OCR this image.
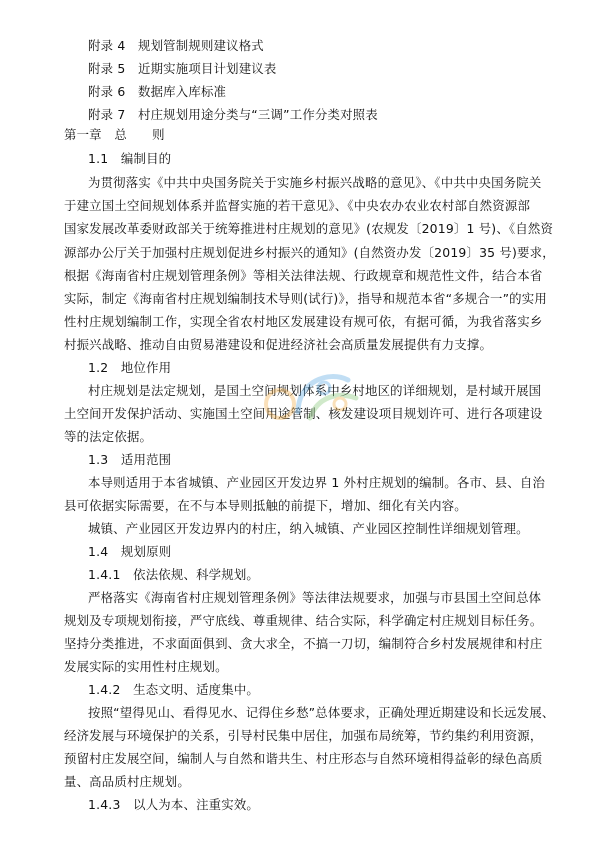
附录 4　规划管制规则建议格式
附录 5　近期实施项目计划建议表
附录 6　数据库入库标准
附录 7　村庄规划用途分类与“三调”工作分类对照表
第一章　总　　则
1.1　编制目的
为贯彻落实《中共中央国务院关于实施乡村振兴战略的意见》、《中共中央国务院关
于建立国土空间规划体系并监督实施的若干意见》、《中央农办农业农村部自然资源部
国家发展改革委财政部关于统筹推进村庄规划的意见》(农规发〔2019〕1 号)、《自然资
源部办公厅关于加强村庄规划促进乡村振兴的通知》(自然资办发〔2019〕35 号)要求，
根据《海南省村庄规划管理条例》等相关法律法规、行政规章和规范性文件，结合本省
实际，制定《海南省村庄规划编制技术导则(试行)》，指导和规范本省“多规合一”的实用
性村庄规划编制工作，实现全省农村地区发展建设有规可依，有据可循，为我省落实乡
村振兴战略、推动自由贸易港建设和促进经济社会高质量发展提供有力支撑。
1.2　地位作用
村庄规划是法定规划，是国土空间规划体系中乡村地区的详细规划，是村域开展国
土空间开发保护活动、实施国土空间用途管制、核发建设项目规划许可、进行各项建设
等的法定依据。
1.3　适用范围
本导则适用于本省城镇、产业园区开发边界 1 外村庄规划的编制。各市、县、自治
县可依据实际需要，在不与本导则抵触的前提下，增加、细化有关内容。
城镇、产业园区开发边界内的村庄，纳入城镇、产业园区控制性详细规划管理。
1.4　规划原则
1.4.1　依法依规、科学规划。
严格落实《海南省村庄规划管理条例》等法律法规要求，加强与市县国土空间总体
规划及专项规划衔接，严守底线、尊重规律、结合实际，科学确定村庄规划目标任务。
坚持分类推进，不求面面俱到、贪大求全，不搞一刀切，编制符合乡村发展规律和村庄
发展实际的实用性村庄规划。
1.4.2　生态文明、适度集中。
按照“望得见山、看得见水、记得住乡愁”总体要求，正确处理近期建设和长远发展、
经济发展与环境保护的关系，引导村民集中居住，加强布局统筹，节约集约利用资源，
预留村庄发展空间，编制人与自然和谐共生、村庄形态与自然环境相得益彰的绿色高质
量、高品质村庄规划。
1.4.3　以人为本、注重实效。
